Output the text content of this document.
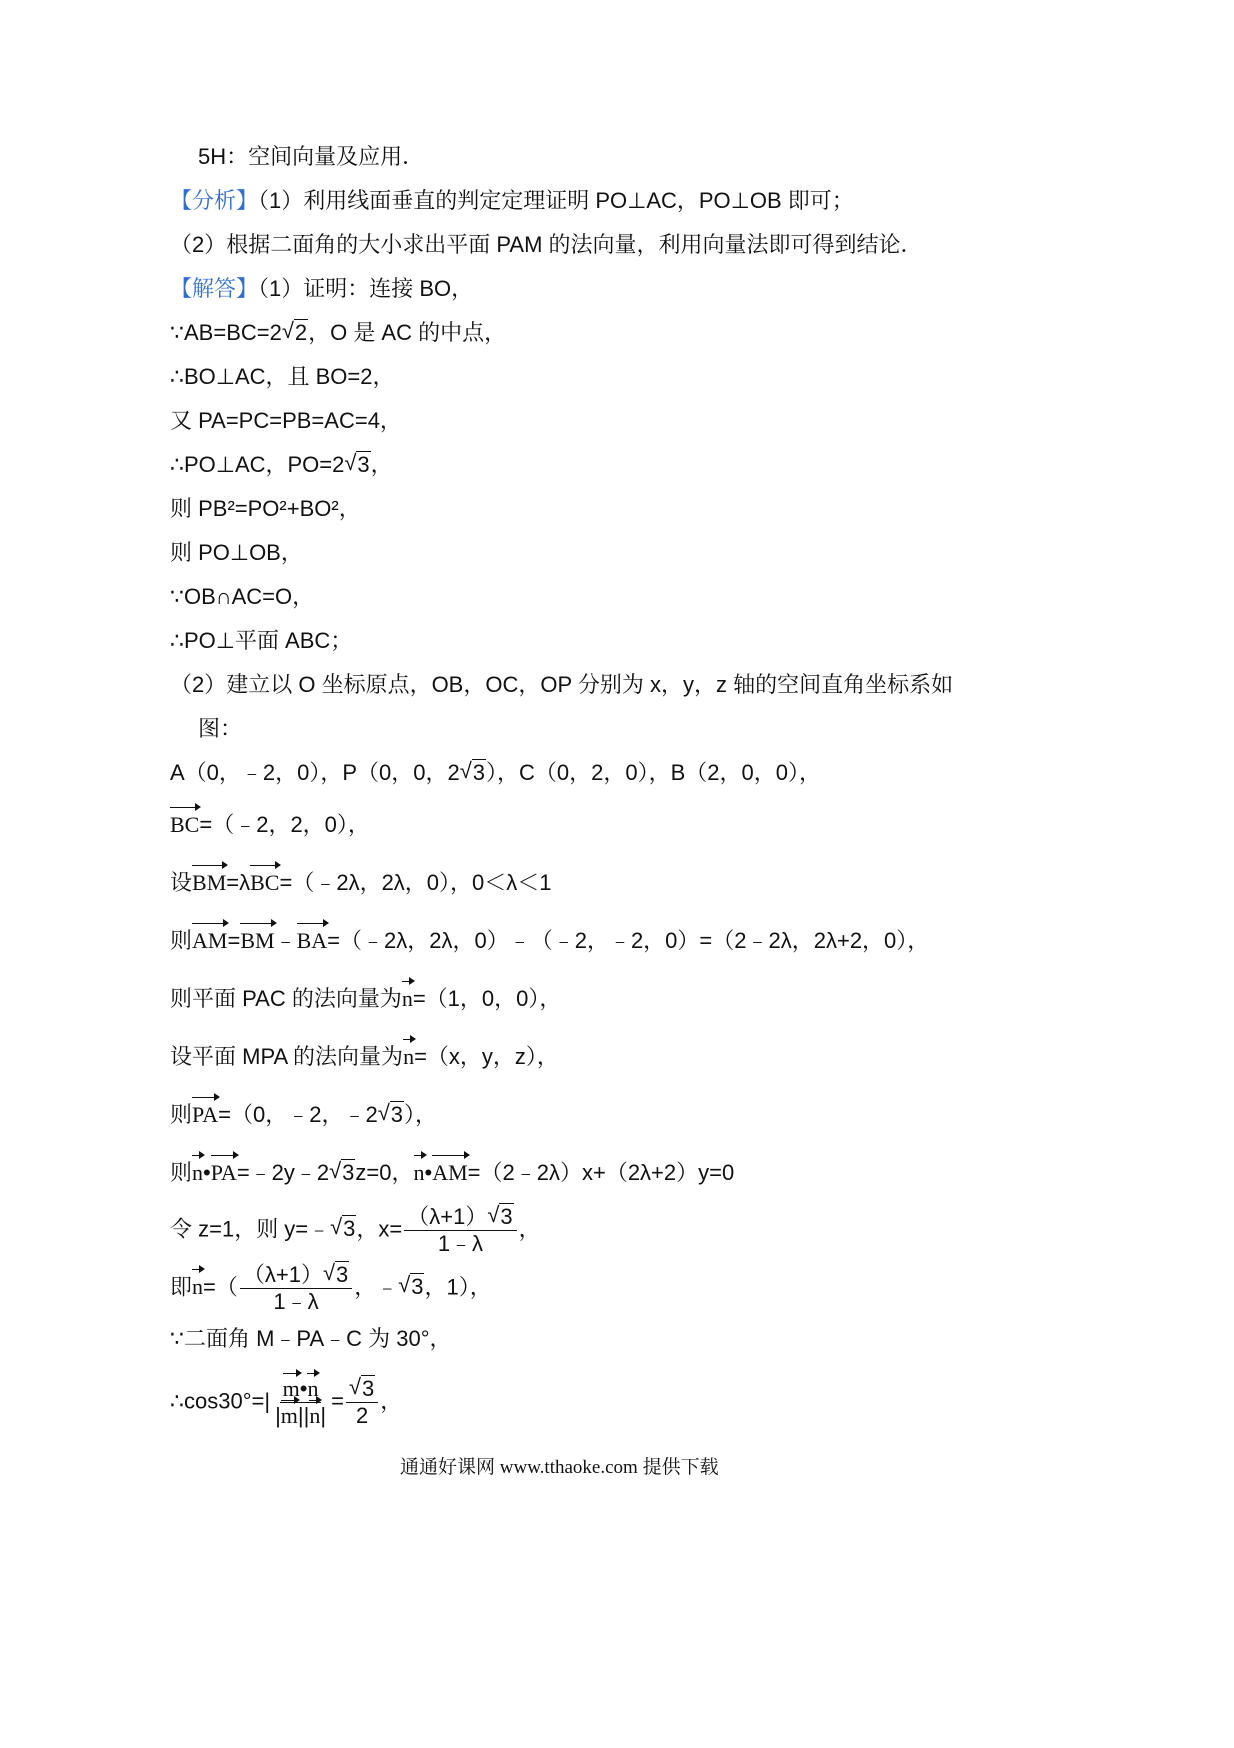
5H：空间向量及应用．
【分析】（1）利用线面垂直的判定定理证明 PO⊥AC，PO⊥OB 即可；
（2）根据二面角的大小求出平面 PAM 的法向量，利用向量法即可得到结论．
【解答】（1）证明：连接 BO，
∵AB=BC=2 √ 2，O 是 AC 的中点，
∴BO⊥AC，且 BO=2，
又 PA=PC=PB=AC=4，
∴PO⊥AC，PO=2 √ 3，
则 PB²=PO²+BO²，
则 PO⊥OB，
∵OB∩AC=O，
∴PO⊥平面 ABC；
（2）建立以 O 坐标原点，OB，OC，OP 分别为 x，y，z 轴的空间直角坐标系如
图：
A（0，﹣2，0），P（0，0，2 √ 3），C（0，2，0），B（2，0，0），
BC=（﹣2，2，0），
设BM=λBC=（﹣2λ，2λ，0），0＜λ＜1
则AM=BM﹣BA=（﹣2λ，2λ，0）﹣（﹣2，﹣2，0）=（2﹣2λ，2λ+2，0），
则平面 PAC 的法向量为n=（1，0，0），
设平面 MPA 的法向量为n=（x，y，z），
则PA=（0，﹣2，﹣2 √ 3），
则n•PA=﹣2y﹣2 √ 3z=0，n•AM=（2﹣2λ）x+（2λ+2）y=0
令 z=1，则 y=﹣ √ 3，$x= \frac{(\lambda+1) √ 3}{1﹣\lambda}$ ，
即$n=( \frac{(\lambda+1) √ 3}{1﹣\lambda}$ ，﹣ √ 3，1），
∵二面角 M﹣PA﹣C 为 30°，
∴cos30°=| $\frac{m•n}{|m||n|}$ = √ $\frac{3}{2}$ ，
通通好课网 www.tthaoke.com 提供下载
